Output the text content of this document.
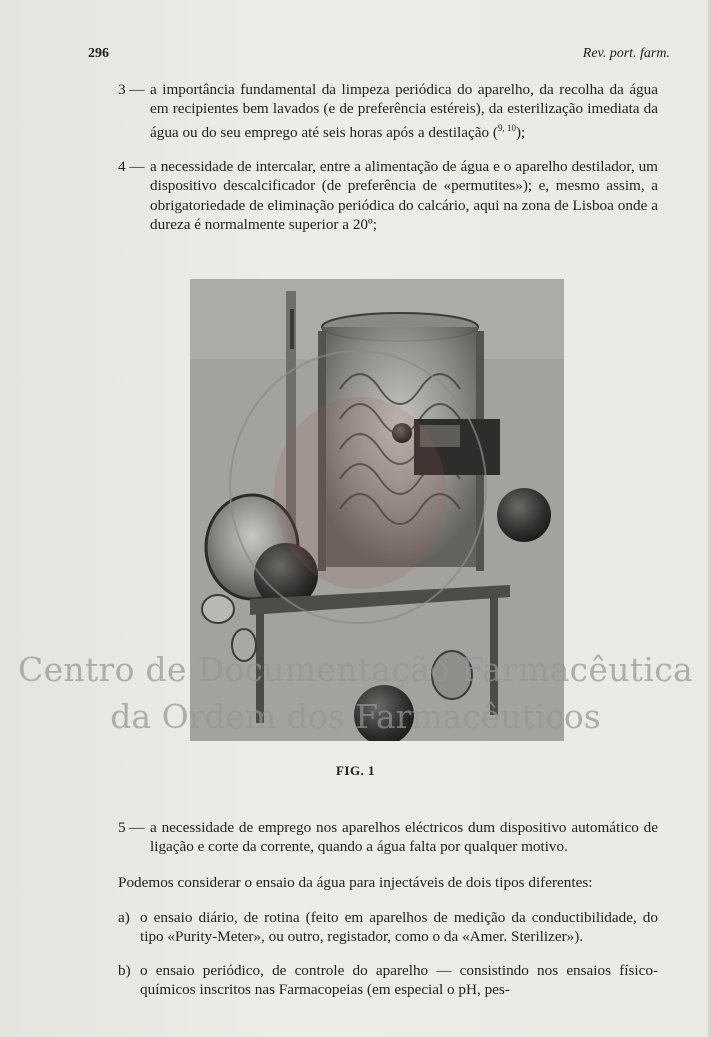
296	Rev. port. farm.
3 — a importância fundamental da limpeza periódica do aparelho, da recolha da água em recipientes bem lavados (e de preferência estéreis), da esterilização imediata da água ou do seu emprego até seis horas após a destilação ($^{9, 10}$);
4 — a necessidade de intercalar, entre a alimentação de água e o aparelho destilador, um dispositivo descalcificador (de preferência de «permutites»); e, mesmo assim, a obrigatoriedade de eliminação periódica do calcário, aqui na zona de Lisboa onde a dureza é normalmente superior a 20º;
FIG. 1
5 — a necessidade de emprego nos aparelhos eléctricos dum dispositivo automático de ligação e corte da corrente, quando a água falta por qualquer motivo.

Podemos considerar o ensaio da água para injectáveis de dois tipos diferentes:

a) o ensaio diário, de rotina (feito em aparelhos de medição da conductibilidade, do tipo «Purity-Meter», ou outro, registador, como o da «Amer. Sterilizer»).
b) o ensaio periódico, de controle do aparelho — consistindo nos ensaios físico-químicos inscritos nas Farmacopeias (em especial o pH, pes-
Centro de Documentação Farmacêutica
da Ordem dos Farmacêuticos
